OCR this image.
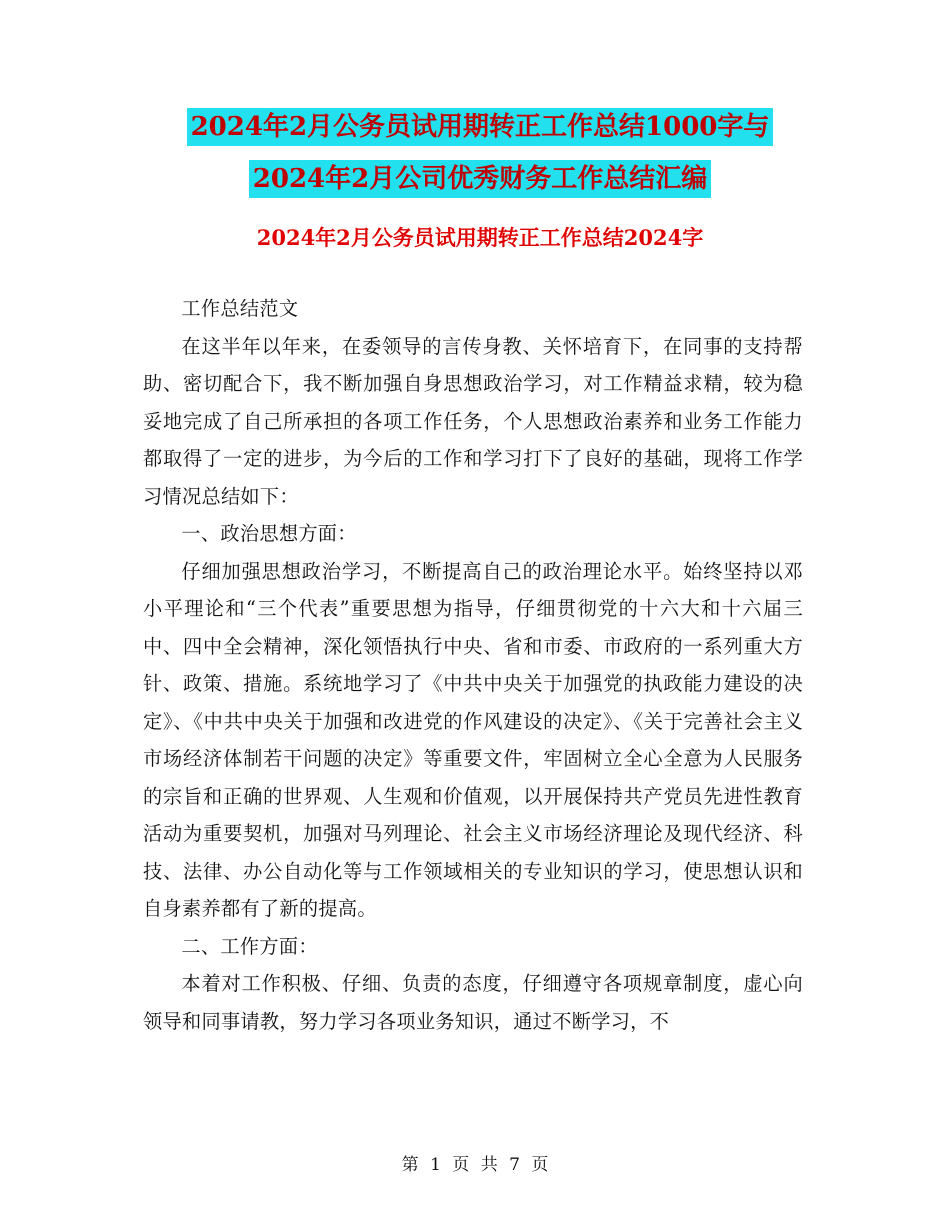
2024年2月公务员试用期转正工作总结1000字与
2024年2月公司优秀财务工作总结汇编
2024年2月公务员试用期转正工作总结2024字

工作总结范文

在这半年以年来，在委领导的言传身教、关怀培育下，在同事的支持帮助、密切配合下，我不断加强自身思想政治学习，对工作精益求精，较为稳妥地完成了自己所承担的各项工作任务，个人思想政治素养和业务工作能力都取得了一定的进步，为今后的工作和学习打下了良好的基础，现将工作学习情况总结如下：

一、政治思想方面：

仔细加强思想政治学习，不断提高自己的政治理论水平。始终坚持以邓小平理论和“三个代表”重要思想为指导，仔细贯彻党的十六大和十六届三中、四中全会精神，深化领悟执行中央、省和市委、市政府的一系列重大方针、政策、措施。系统地学习了《中共中央关于加强党的执政能力建设的决定》、《中共中央关于加强和改进党的作风建设的决定》、《关于完善社会主义市场经济体制若干问题的决定》等重要文件，牢固树立全心全意为人民服务的宗旨和正确的世界观、人生观和价值观，以开展保持共产党员先进性教育活动为重要契机，加强对马列理论、社会主义市场经济理论及现代经济、科技、法律、办公自动化等与工作领域相关的专业知识的学习，使思想认识和自身素养都有了新的提高。

二、工作方面：

本着对工作积极、仔细、负责的态度，仔细遵守各项规章制度，虚心向领导和同事请教，努力学习各项业务知识，通过不断学习，不

第 1 页 共 7 页
